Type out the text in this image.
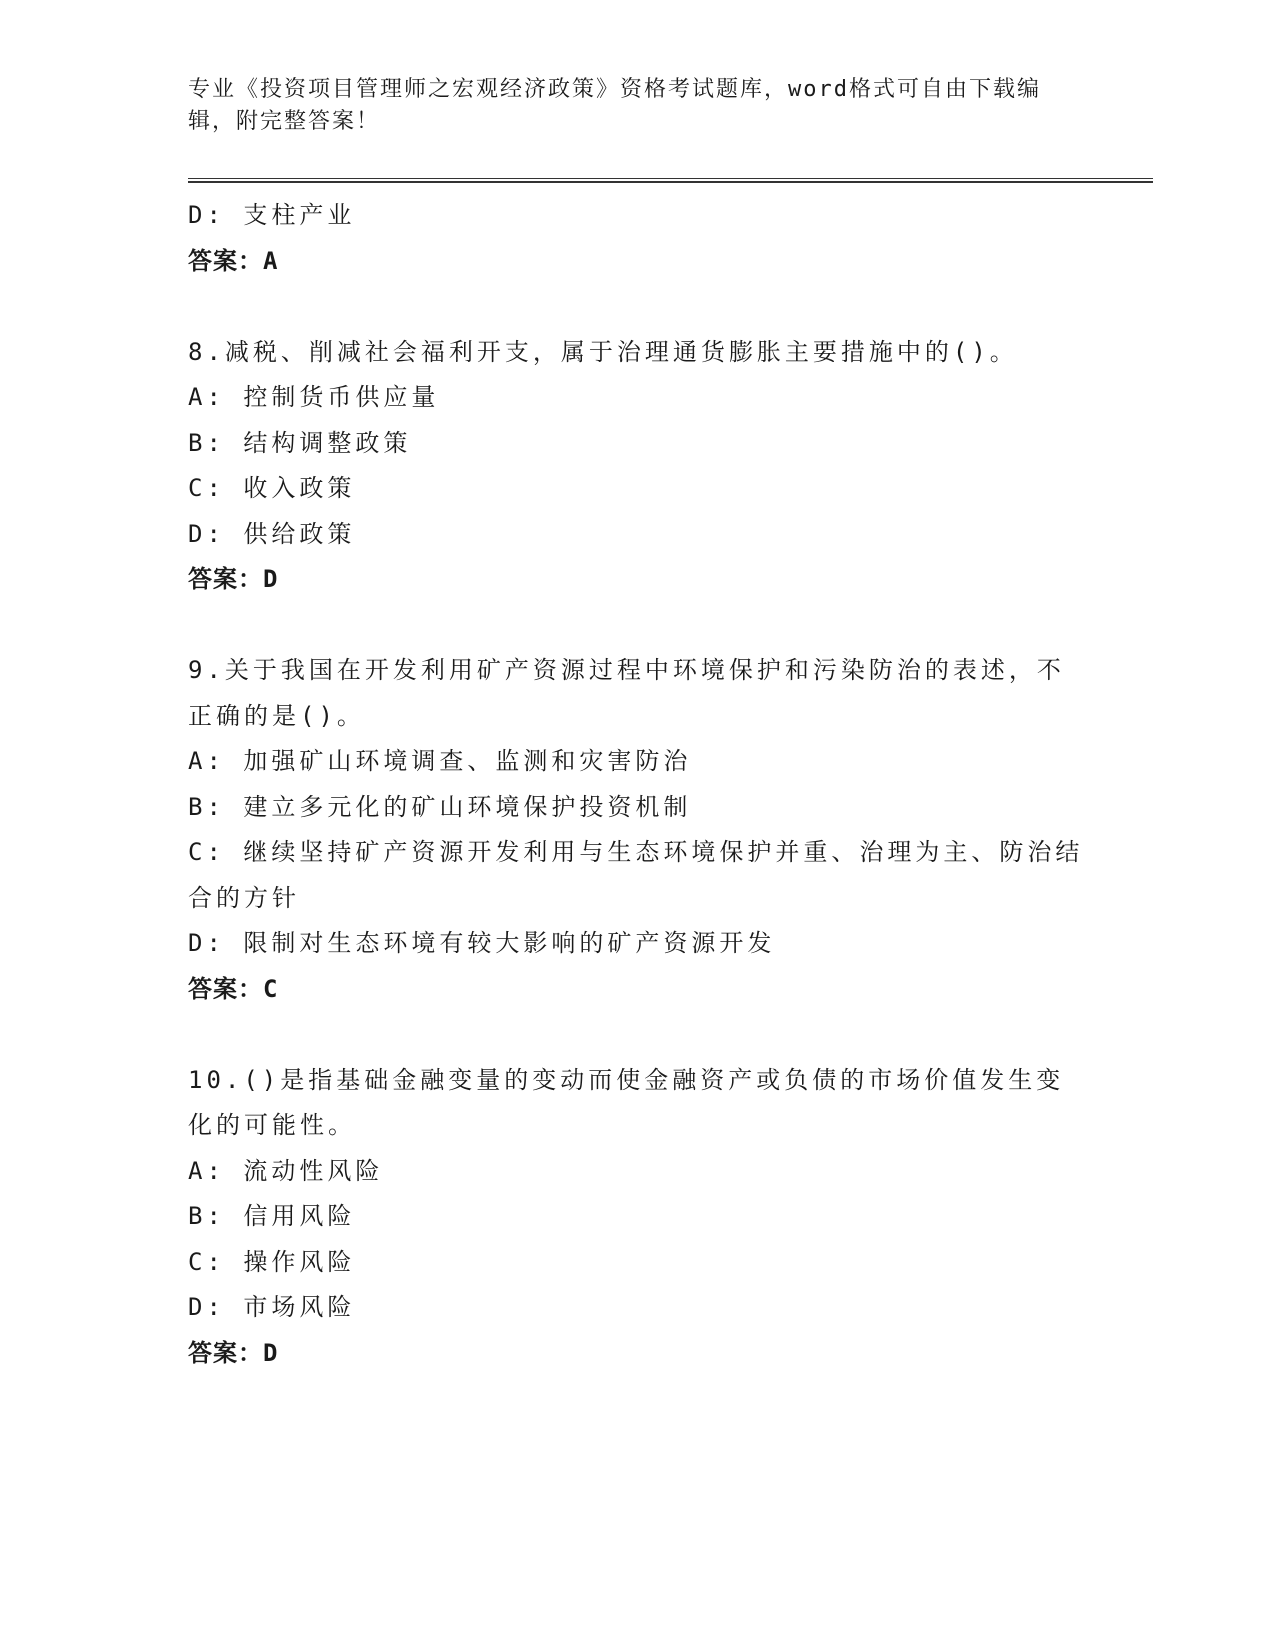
专业《投资项目管理师之宏观经济政策》资格考试题库，word格式可自由下载编辑，附完整答案！

D: 支柱产业
答案：A
8.减税、削减社会福利开支，属于治理通货膨胀主要措施中的()。
A: 控制货币供应量
B: 结构调整政策
C: 收入政策
D: 供给政策
答案：D
9.关于我国在开发利用矿产资源过程中环境保护和污染防治的表述，不正确的是()。
A: 加强矿山环境调查、监测和灾害防治
B: 建立多元化的矿山环境保护投资机制
C: 继续坚持矿产资源开发利用与生态环境保护并重、治理为主、防治结合的方针
D: 限制对生态环境有较大影响的矿产资源开发
答案：C
10.()是指基础金融变量的变动而使金融资产或负债的市场价值发生变化的可能性。
A: 流动性风险
B: 信用风险
C: 操作风险
D: 市场风险
答案：D
